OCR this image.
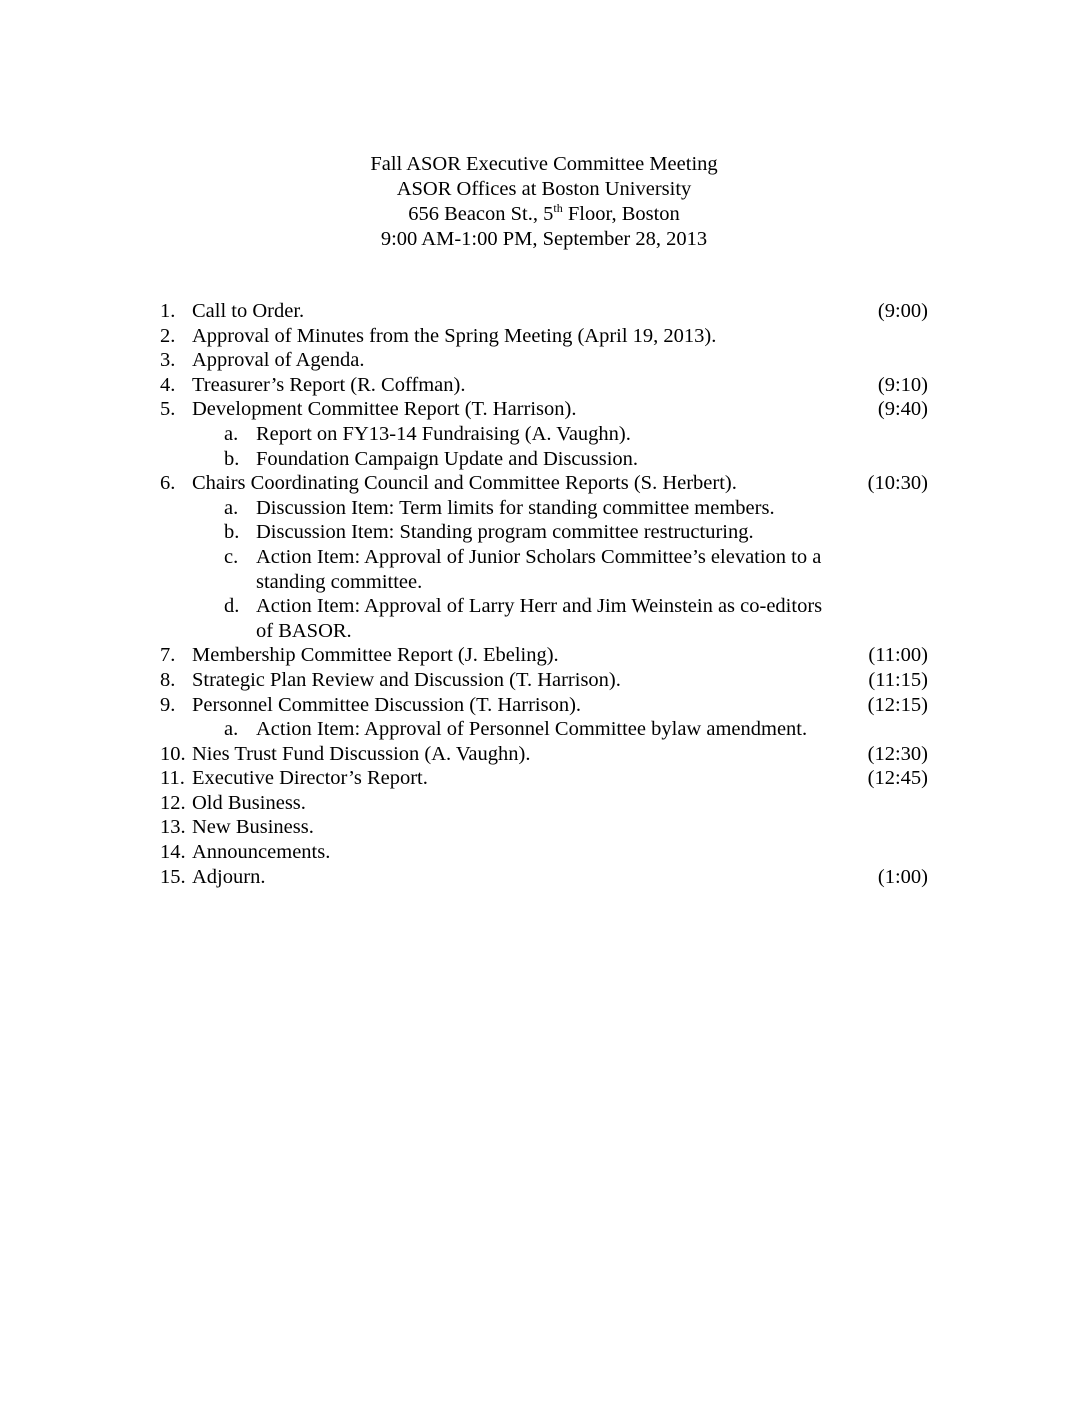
Fall ASOR Executive Committee Meeting
ASOR Offices at Boston University
656 Beacon St., 5th Floor, Boston
9:00 AM-1:00 PM, September 28, 2013
1. Call to Order.	(9:00)
2. Approval of Minutes from the Spring Meeting (April 19, 2013).
3. Approval of Agenda.
4. Treasurer’s Report (R. Coffman).	(9:10)
5. Development Committee Report (T. Harrison).	(9:40)
a. Report on FY13-14 Fundraising (A. Vaughn).
b. Foundation Campaign Update and Discussion.
6. Chairs Coordinating Council and Committee Reports (S. Herbert).	(10:30)
a. Discussion Item: Term limits for standing committee members.
b. Discussion Item: Standing program committee restructuring.
c. Action Item: Approval of Junior Scholars Committee’s elevation to a
standing committee.
d. Action Item: Approval of Larry Herr and Jim Weinstein as co-editors
of BASOR.
7. Membership Committee Report (J. Ebeling).	(11:00)
8. Strategic Plan Review and Discussion (T. Harrison).	(11:15)
9. Personnel Committee Discussion (T. Harrison).	(12:15)
a. Action Item: Approval of Personnel Committee bylaw amendment.
10. Nies Trust Fund Discussion (A. Vaughn).	(12:30)
11. Executive Director’s Report.	(12:45)
12. Old Business.
13. New Business.
14. Announcements.
15. Adjourn.	(1:00)
